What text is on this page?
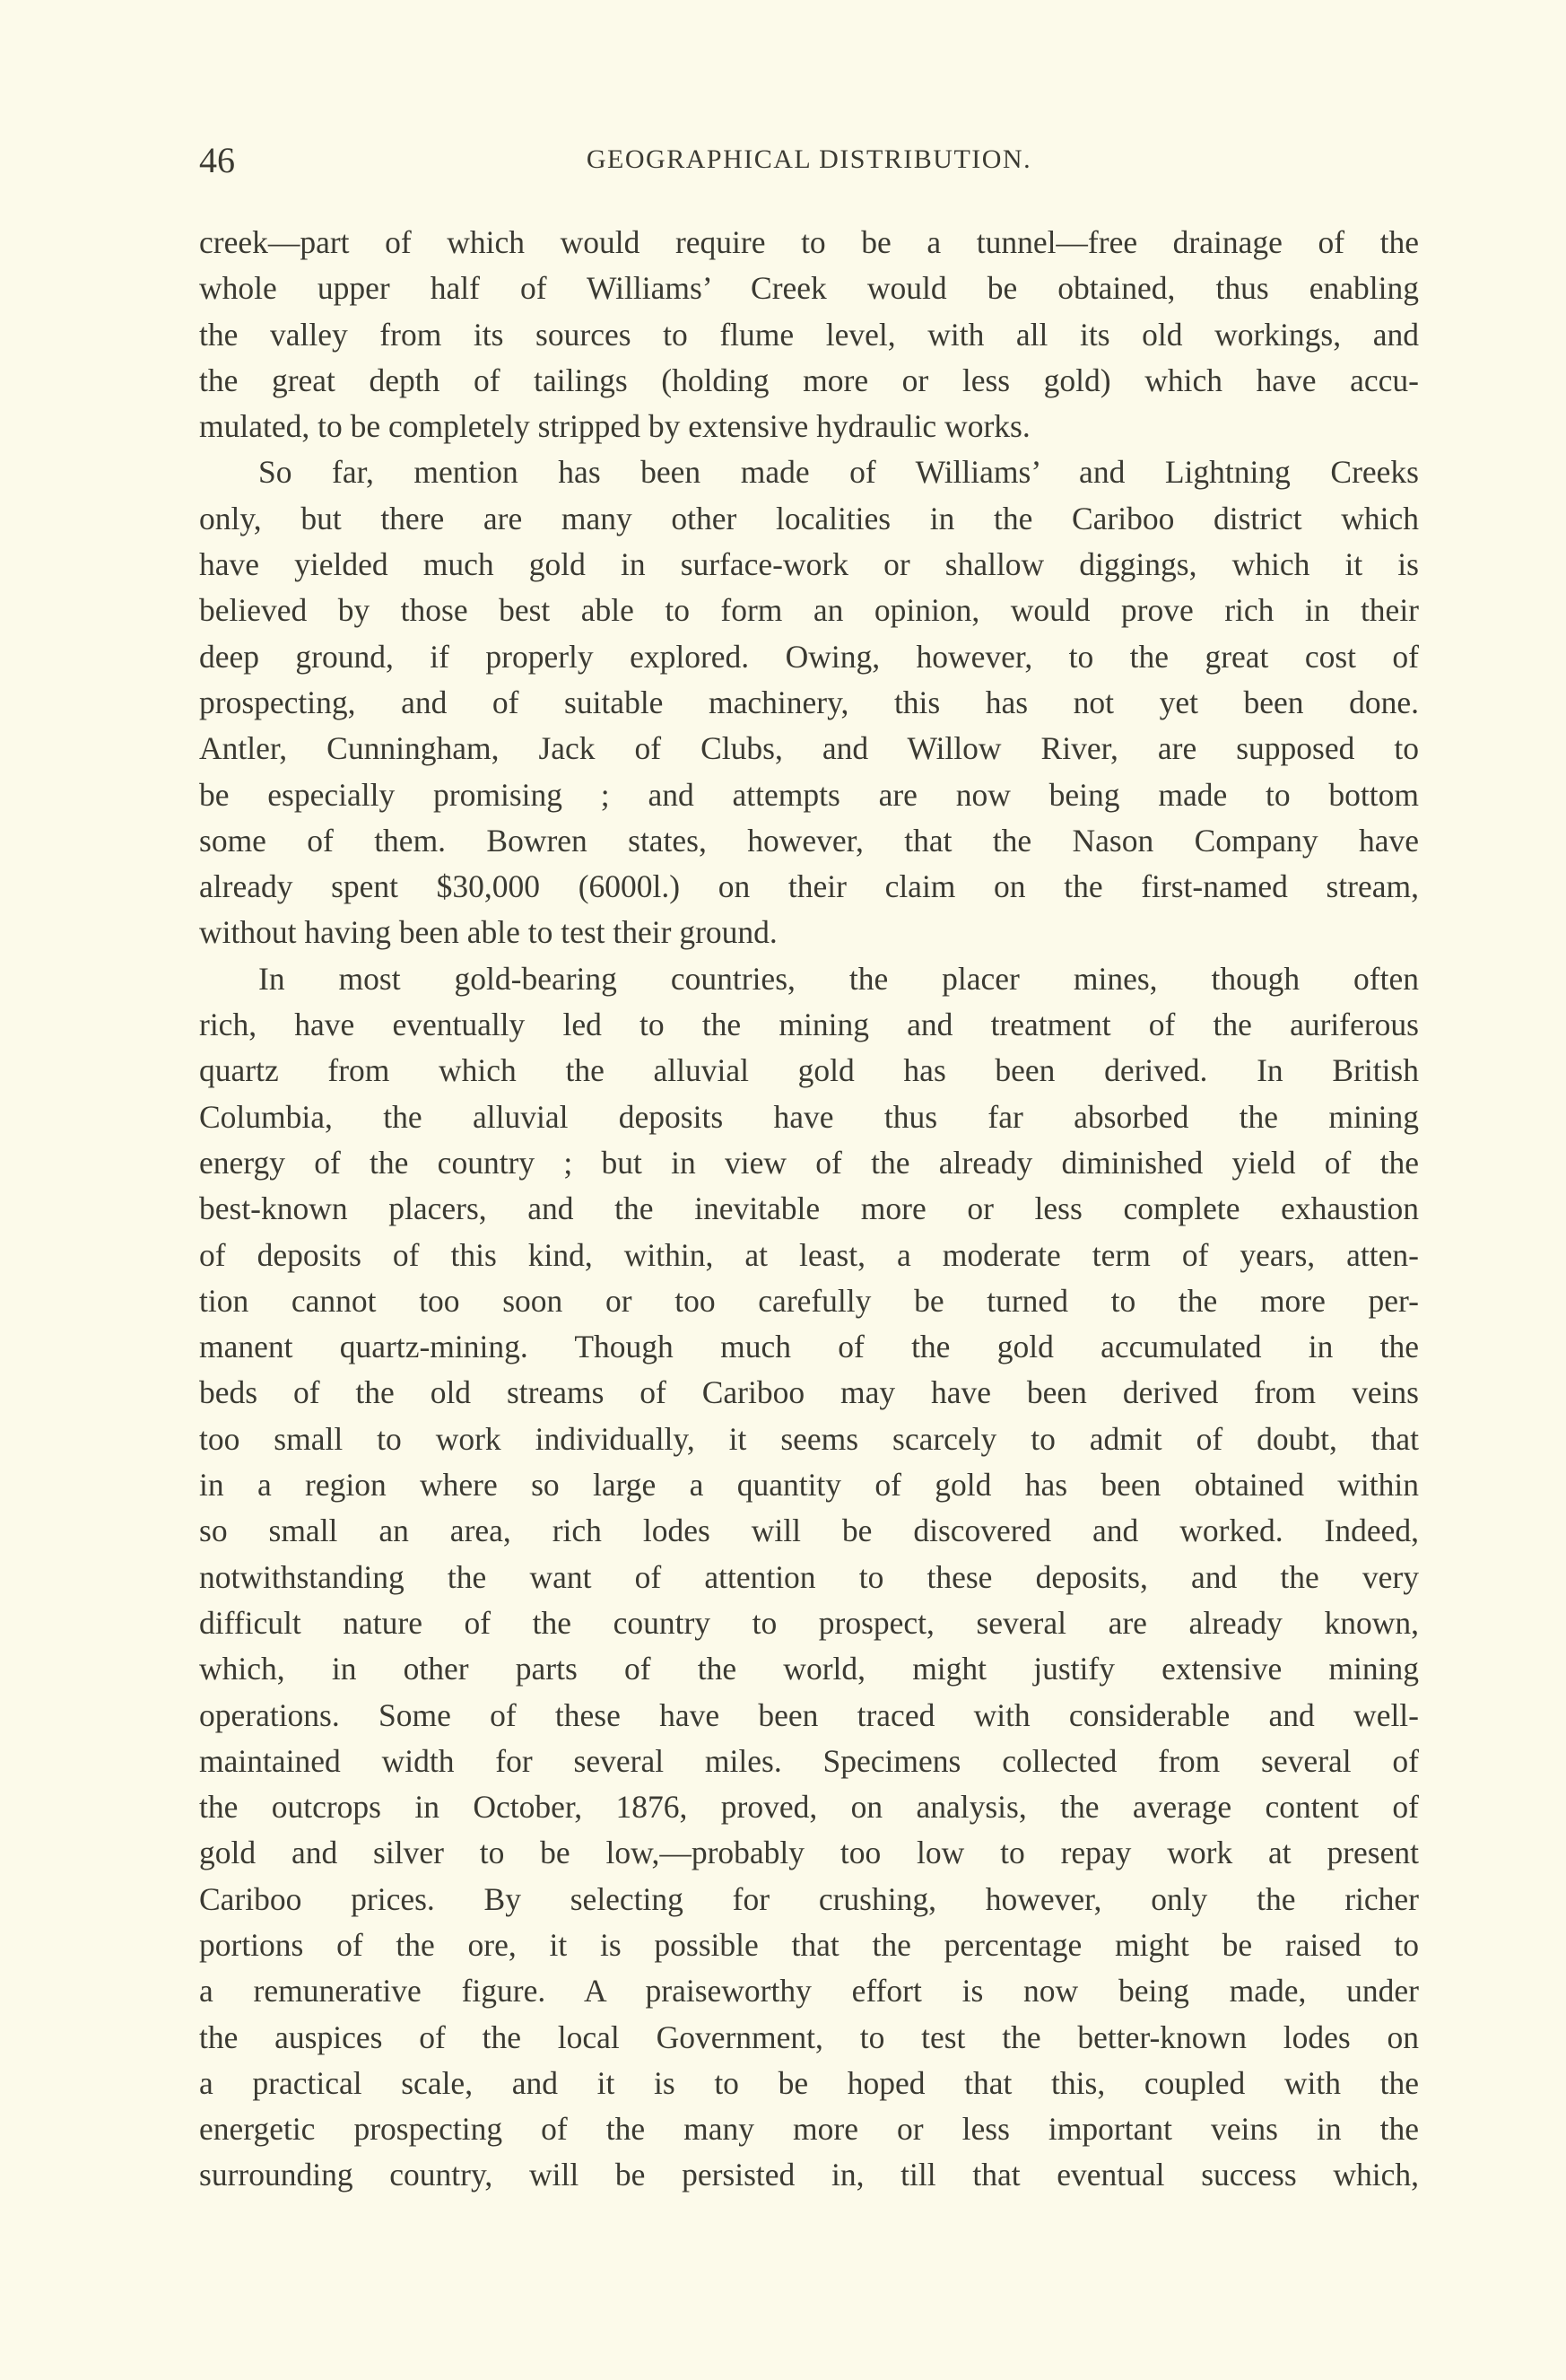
46	GEOGRAPHICAL DISTRIBUTION.
creek—part of which would require to be a tunnel—free drainage of the
whole upper half of Williams’ Creek would be obtained, thus enabling
the valley from its sources to flume level, with all its old workings, and
the great depth of tailings (holding more or less gold) which have accu-
mulated, to be completely stripped by extensive hydraulic works.
So far, mention has been made of Williams’ and Lightning Creeks
only, but there are many other localities in the Cariboo district which
have yielded much gold in surface-work or shallow diggings, which it is
believed by those best able to form an opinion, would prove rich in their
deep ground, if properly explored. Owing, however, to the great cost of
prospecting, and of suitable machinery, this has not yet been done.
Antler, Cunningham, Jack of Clubs, and Willow River, are supposed to
be especially promising ; and attempts are now being made to bottom
some of them. Bowren states, however, that the Nason Company have
already spent $30,000 (6000l.) on their claim on the first-named stream,
without having been able to test their ground.
In most gold-bearing countries, the placer mines, though often
rich, have eventually led to the mining and treatment of the auriferous
quartz from which the alluvial gold has been derived. In British
Columbia, the alluvial deposits have thus far absorbed the mining
energy of the country ; but in view of the already diminished yield of the
best-known placers, and the inevitable more or less complete exhaustion
of deposits of this kind, within, at least, a moderate term of years, atten-
tion cannot too soon or too carefully be turned to the more per-
manent quartz-mining. Though much of the gold accumulated in the
beds of the old streams of Cariboo may have been derived from veins
too small to work individually, it seems scarcely to admit of doubt, that
in a region where so large a quantity of gold has been obtained within
so small an area, rich lodes will be discovered and worked. Indeed,
notwithstanding the want of attention to these deposits, and the very
difficult nature of the country to prospect, several are already known,
which, in other parts of the world, might justify extensive mining
operations. Some of these have been traced with considerable and well-
maintained width for several miles. Specimens collected from several of
the outcrops in October, 1876, proved, on analysis, the average content of
gold and silver to be low,—probably too low to repay work at present
Cariboo prices. By selecting for crushing, however, only the richer
portions of the ore, it is possible that the percentage might be raised to
a remunerative figure. A praiseworthy effort is now being made, under
the auspices of the local Government, to test the better-known lodes on
a practical scale, and it is to be hoped that this, coupled with the
energetic prospecting of the many more or less important veins in the
surrounding country, will be persisted in, till that eventual success which,
